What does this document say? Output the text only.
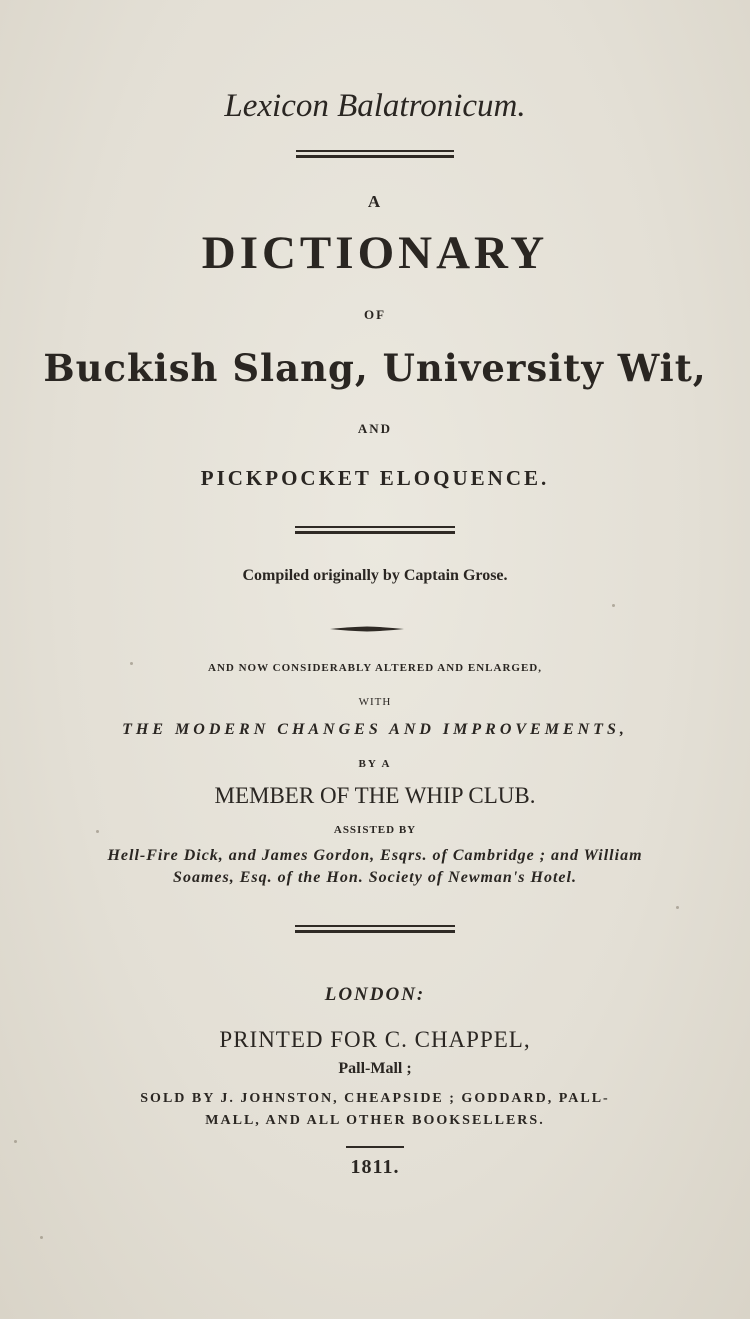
Lexicon Balatronicum.
A
DICTIONARY
OF
Buckish Slang, University Wit,
AND
PICKPOCKET ELOQUENCE.
Compiled originally by Captain Grose.
AND NOW CONSIDERABLY ALTERED AND ENLARGED,
WITH
THE MODERN CHANGES AND IMPROVEMENTS,
BY A
MEMBER OF THE WHIP CLUB.
ASSISTED BY
Hell-Fire Dick, and James Gordon, Esqrs. of Cambridge ; and William
Soames, Esq. of the Hon. Society of Newman's Hotel.
LONDON:
PRINTED FOR C. CHAPPEL,
Pall-Mall ;
SOLD BY J. JOHNSTON, CHEAPSIDE ; GODDARD, PALL-
MALL, AND ALL OTHER BOOKSELLERS.
1811.
